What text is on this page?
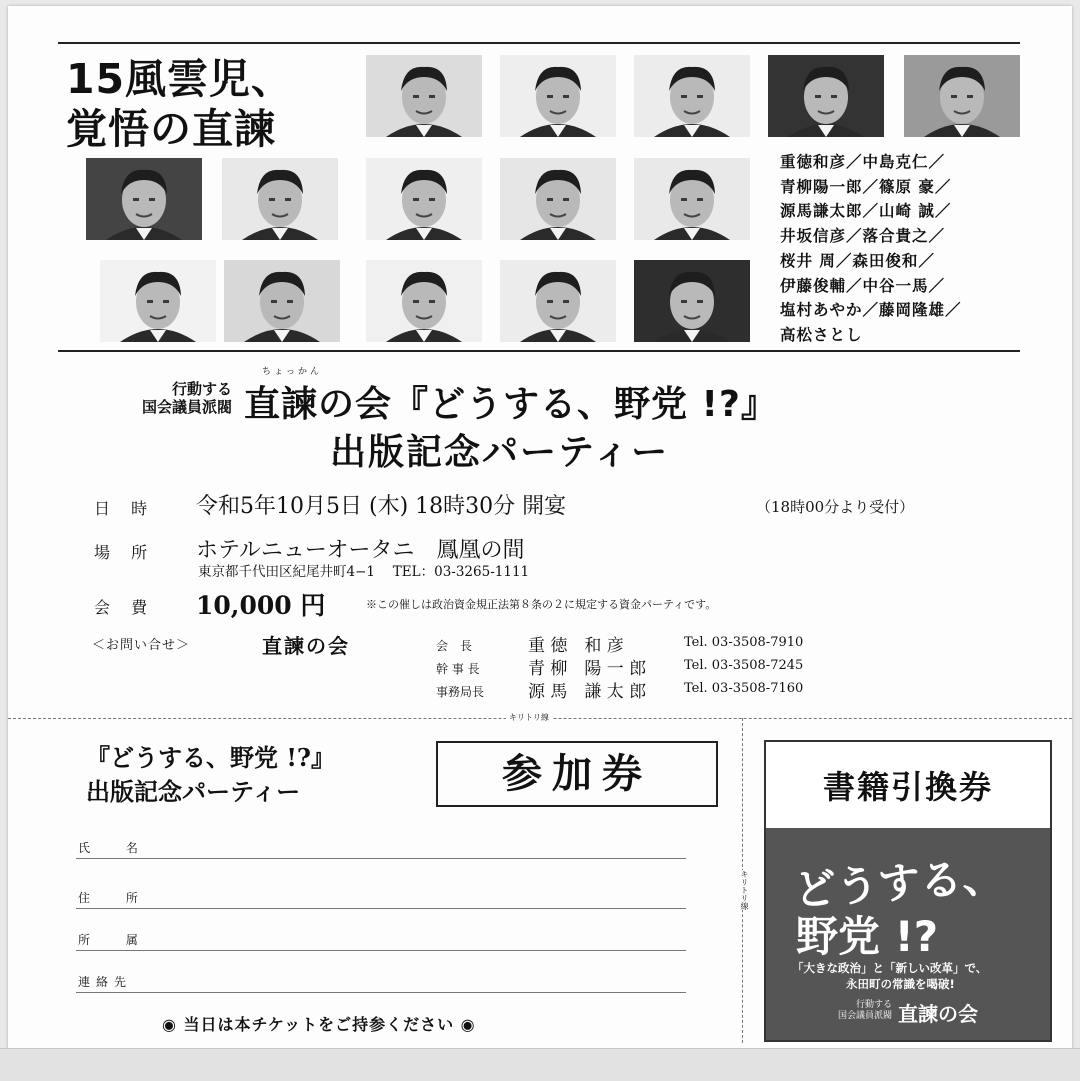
15風雲児、
覚悟の直諫
重徳和彦／中島克仁／
青柳陽一郎／篠原 豪／
源馬謙太郎／山崎 誠／
井坂信彦／落合貴之／
桜井 周／森田俊和／
伊藤俊輔／中谷一馬／
塩村あやか／藤岡隆雄／
高松さとし
行動する
国会議員派閥
ちょっかん
直諫の会『どうする、野党 !?』
出版記念パーティー
日 時 令和5年10月5日 (木) 18時30分 開宴	（18時00分より受付）
場 所 ホテルニューオータニ　鳳凰の間
東京都千代田区紀尾井町4−1　 TEL：03-3265-1111
会 費 10,000 円	※この催しは政治資金規正法第８条の２に規定する資金パーティです。
＜お問い合せ＞	直諫の会	会　長	重 徳　和 彦	Tel. 03-3508-7910
幹 事 長	青 柳　陽 一 郎	Tel. 03-3508-7245
事務局長	源 馬　謙 太 郎	Tel. 03-3508-7160
キリトリ線
キリトリ線
『どうする、野党 !?』
出版記念パーティー	参加券
氏 名
住 所
所 属
連絡先
◉ 当日は本チケットをご持参ください ◉
書籍引換券
どうする、
野党 !?
「大きな政治」と「新しい改革」で、
永田町の常識を喝破!
行動する
国会議員派閥 直諫の会
